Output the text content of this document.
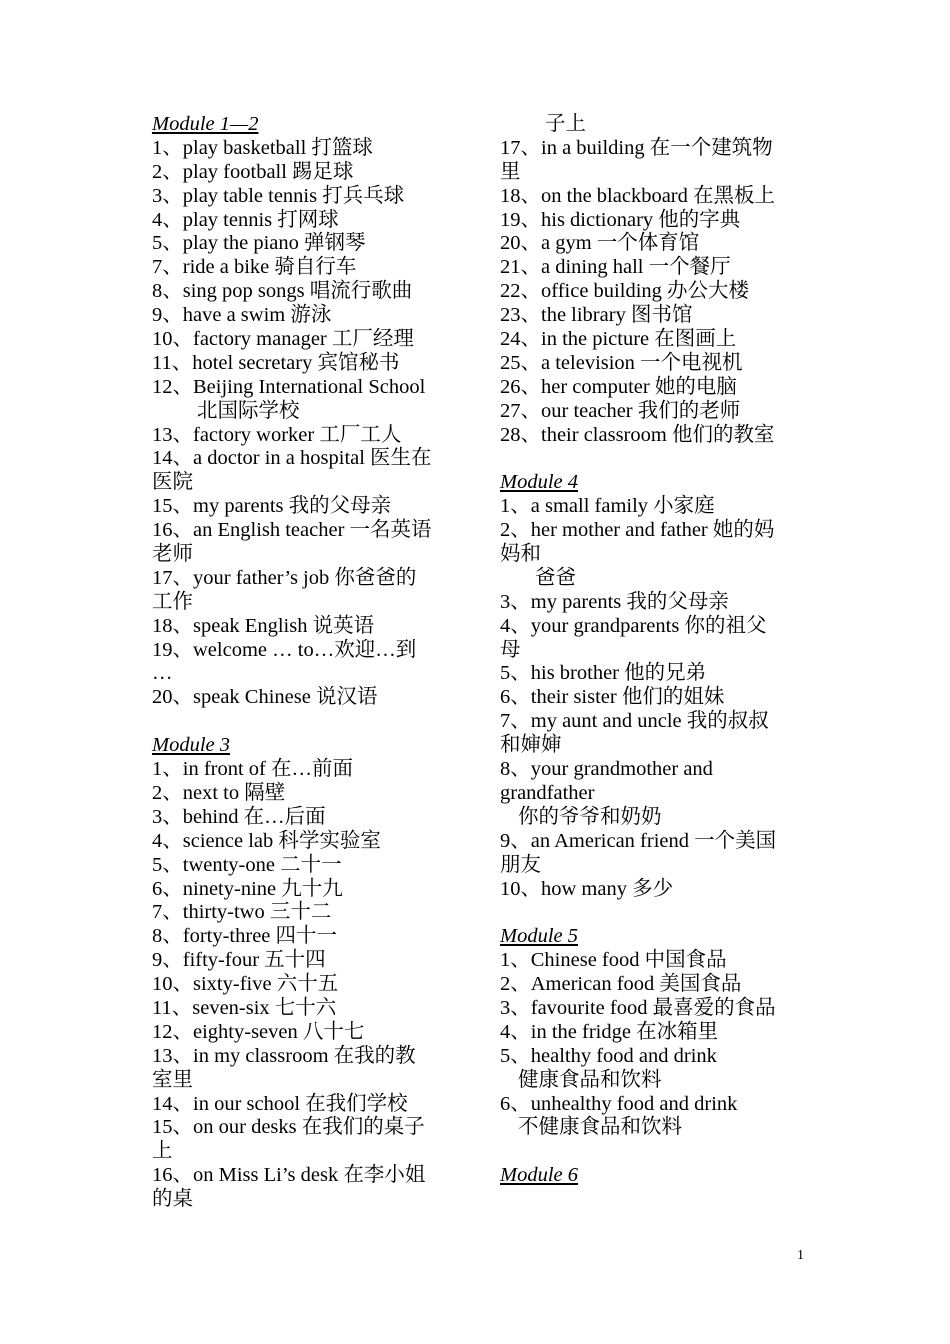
Module 1—2
1、play basketball 打篮球
2、play football 踢足球
3、play table tennis 打兵乓球
4、play tennis 打网球
5、play the piano 弹钢琴
7、ride a bike 骑自行车
8、sing pop songs 唱流行歌曲
9、have a swim 游泳
10、factory manager 工厂经理
11、hotel secretary 宾馆秘书
12、Beijing International School
北国际学校
13、factory worker 工厂工人
14、a doctor in a hospital 医生在
医院
15、my parents 我的父母亲
16、an English teacher 一名英语
老师
17、your father’s job 你爸爸的
工作
18、speak English 说英语
19、welcome … to…欢迎…到
…
20、speak Chinese 说汉语
Module 3
1、in front of 在…前面
2、next to 隔壁
3、behind 在…后面
4、science lab 科学实验室
5、twenty-one 二十一
6、ninety-nine 九十九
7、thirty-two 三十二
8、forty-three 四十一
9、fifty-four 五十四
10、sixty-five 六十五
11、seven-six 七十六
12、eighty-seven 八十七
13、in my classroom 在我的教
室里
14、in our school 在我们学校
15、on our desks 在我们的桌子
上
16、on Miss Li’s desk 在李小姐
的桌
子上
17、in a building 在一个建筑物
里
18、on the blackboard 在黑板上
19、his dictionary 他的字典
20、a gym 一个体育馆
21、a dining hall 一个餐厅
22、office building 办公大楼
23、the library 图书馆
24、in the picture 在图画上
25、a television 一个电视机
26、her computer 她的电脑
27、our teacher 我们的老师
28、their classroom 他们的教室
Module 4
1、a small family 小家庭
2、her mother and father 她的妈
妈和
爸爸
3、my parents 我的父母亲
4、your grandparents 你的祖父
母
5、his brother 他的兄弟
6、their sister 他们的姐妹
7、my aunt and uncle 我的叔叔
和婶婶
8、your grandmother and
grandfather
你的爷爷和奶奶
9、an American friend 一个美国
朋友
10、how many 多少
Module 5
1、Chinese food 中国食品
2、American food 美国食品
3、favourite food 最喜爱的食品
4、in the fridge 在冰箱里
5、healthy food and drink
健康食品和饮料
6、unhealthy food and drink
不健康食品和饮料
Module 6
1
